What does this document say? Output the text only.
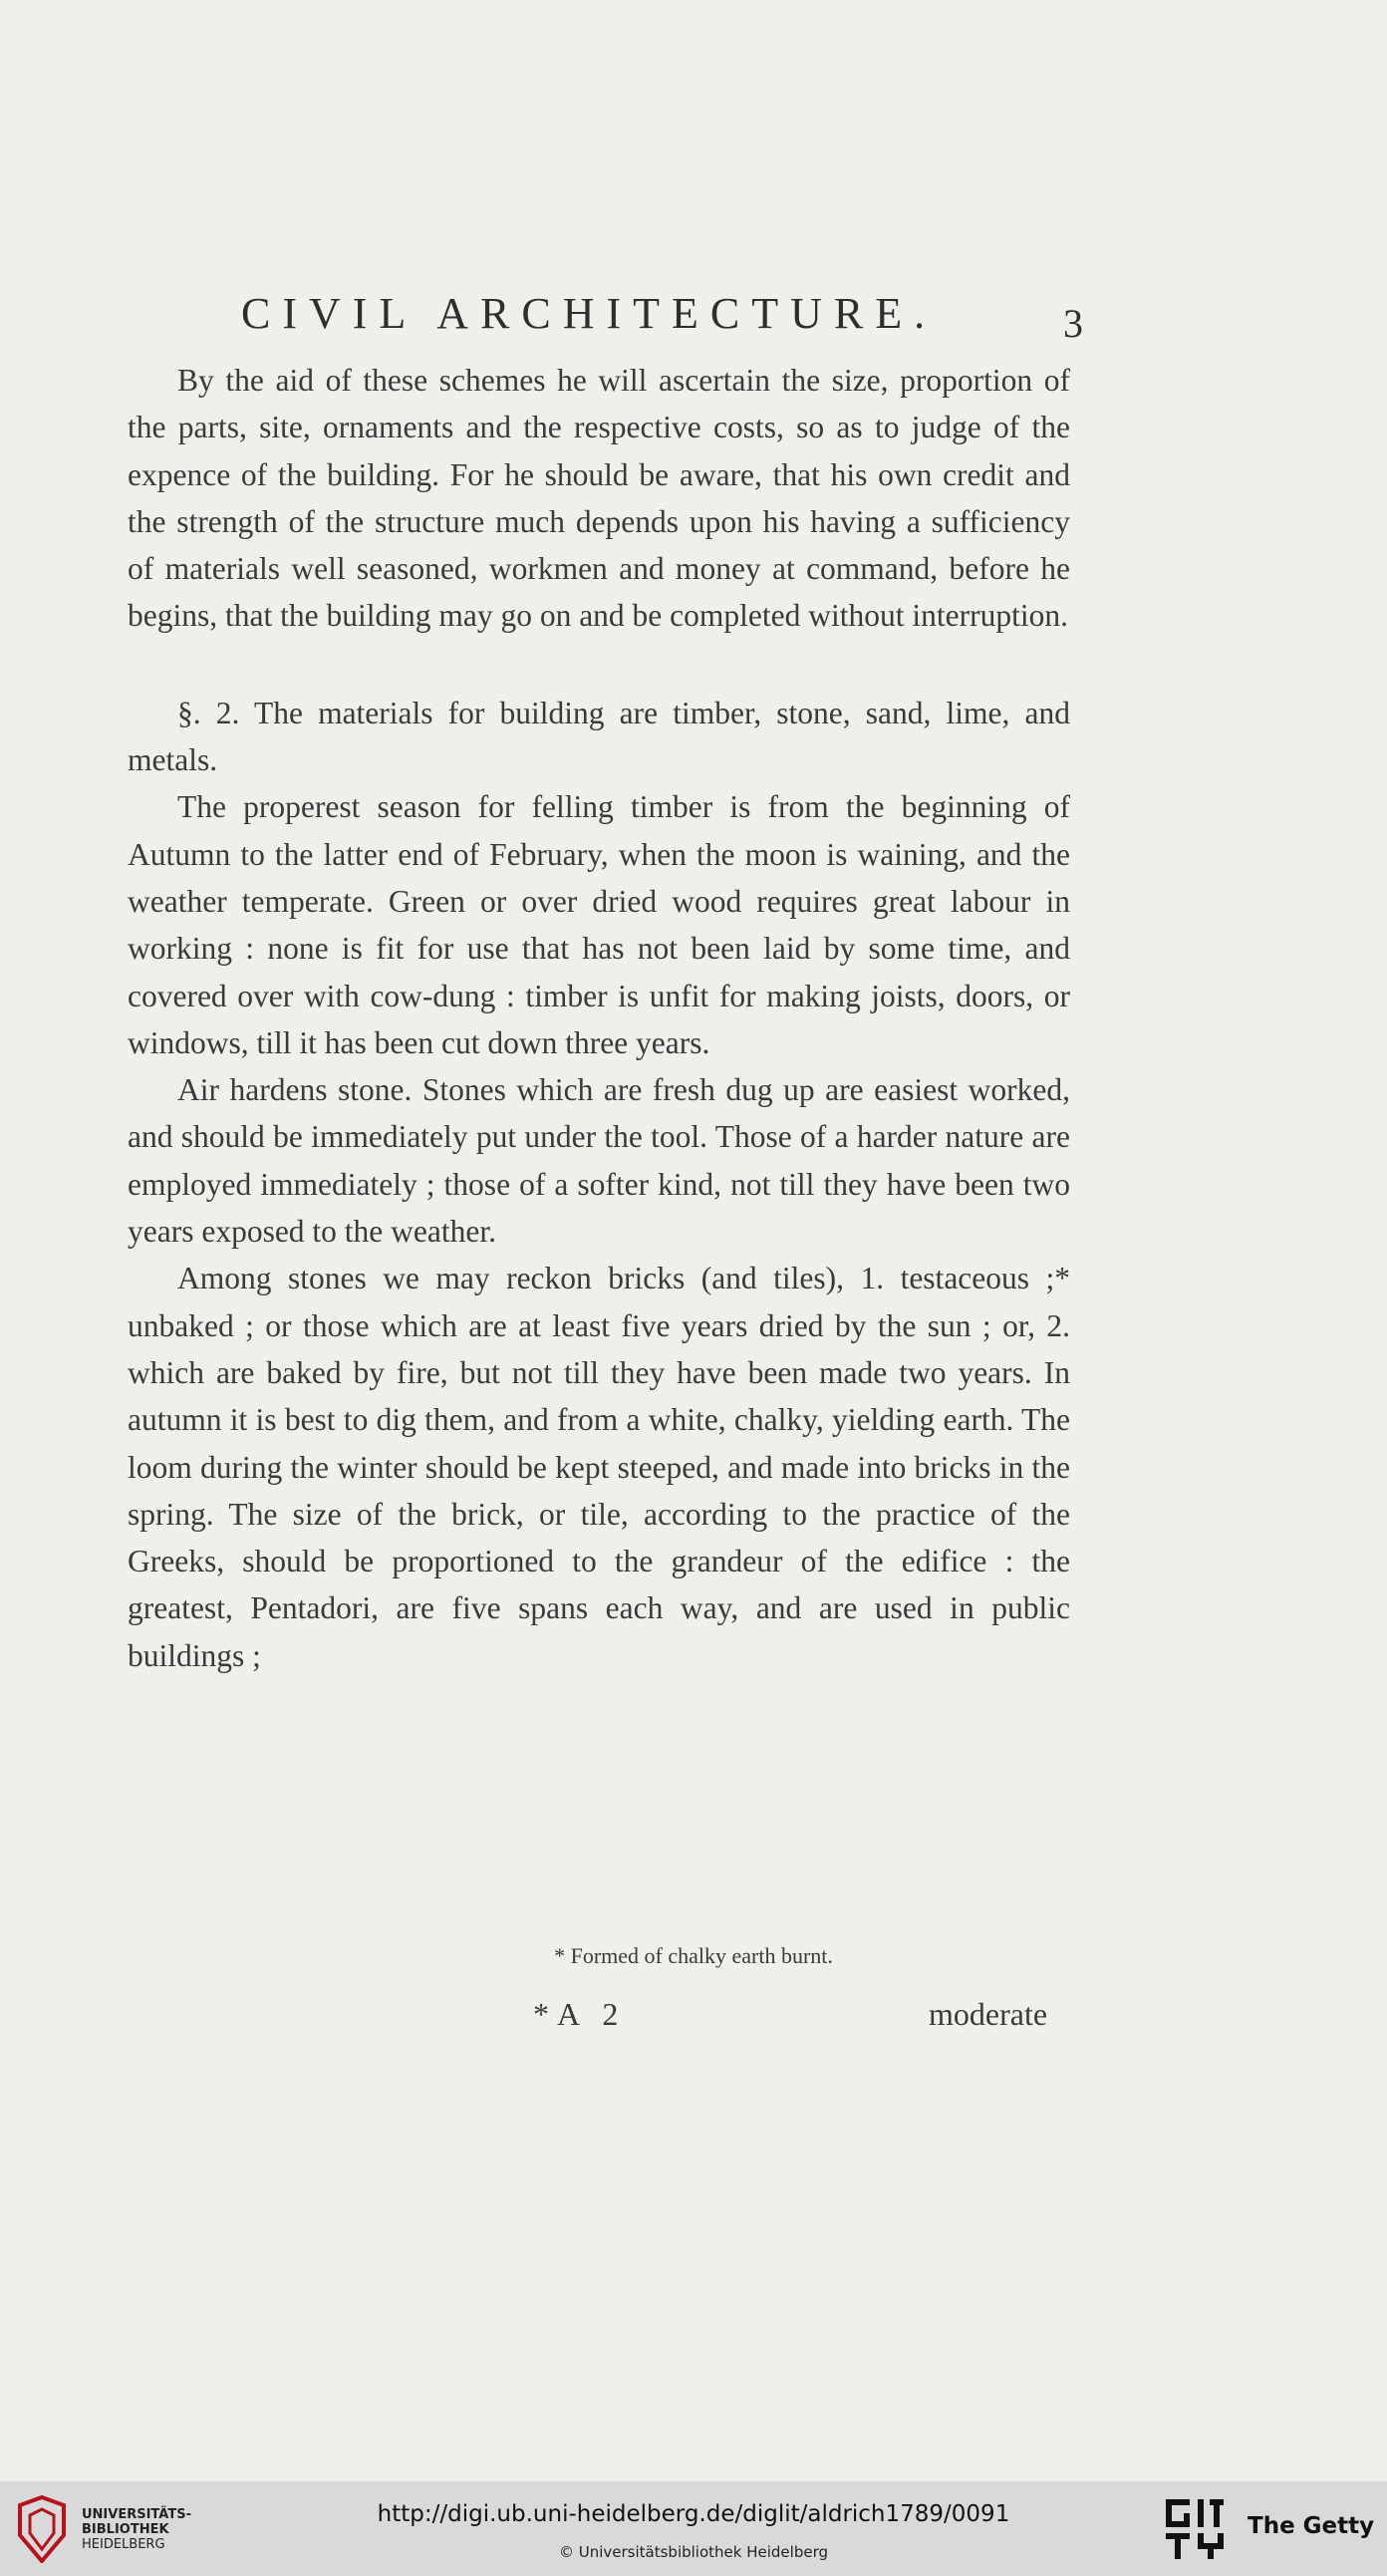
CIVIL ARCHITECTURE.	3

By the aid of these schemes he will ascertain the size, proportion of the parts, site, ornaments and the respective costs, so as to judge of the expence of the building. For he should be aware, that his own credit and the strength of the structure much depends upon his having a sufficiency of materials well seasoned, workmen and money at command, before he begins, that the building may go on and be completed without interruption.

§. 2. The materials for building are timber, stone, sand, lime, and metals.

The properest season for felling timber is from the beginning of Autumn to the latter end of February, when the moon is waining, and the weather temperate. Green or over dried wood requires great labour in working : none is fit for use that has not been laid by some time, and covered over with cow-dung : timber is unfit for making joists, doors, or windows, till it has been cut down three years.

Air hardens stone. Stones which are fresh dug up are easiest worked, and should be immediately put under the tool. Those of a harder nature are employed immediately ; those of a softer kind, not till they have been two years exposed to the weather.

Among stones we may reckon bricks (and tiles), 1. testaceous ;* unbaked ; or those which are at least five years dried by the sun ; or, 2. which are baked by fire, but not till they have been made two years. In autumn it is best to dig them, and from a white, chalky, yielding earth. The loom during the winter should be kept steeped, and made into bricks in the spring. The size of the brick, or tile, according to the practice of the Greeks, should be proportioned to the grandeur of the edifice : the greatest, Pentadori, are five spans each way, and are used in public buildings ;

* Formed of chalky earth burnt.
*A 2	moderate
UNIVERSITÄTS-
BIBLIOTHEK
HEIDELBERG
http://digi.ub.uni-heidelberg.de/diglit/aldrich1789/0091
© Universitätsbibliothek Heidelberg
The Getty
